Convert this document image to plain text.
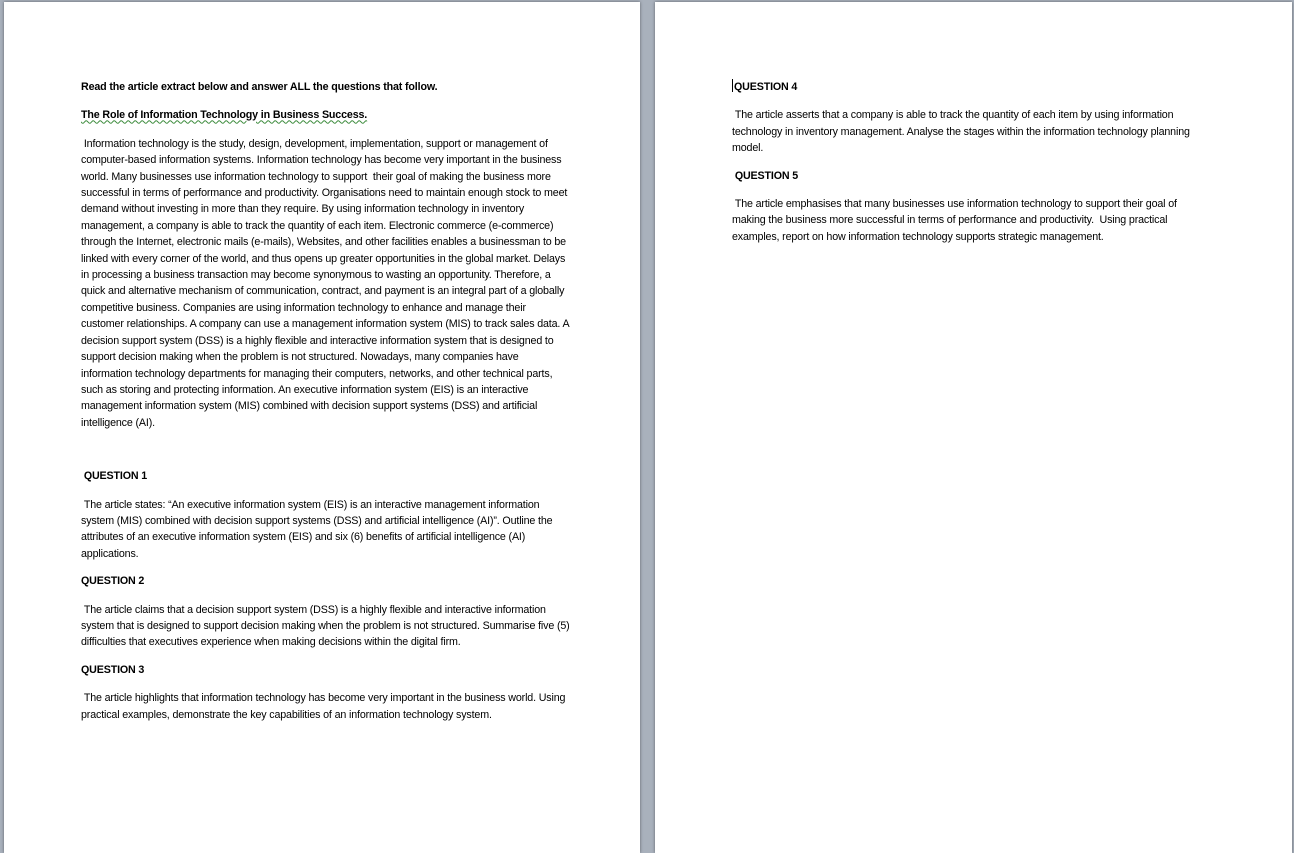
Read the article extract below and answer ALL the questions that follow.

The Role of Information Technology in Business Success.

Information technology is the study, design, development, implementation, support or management of computer-based information systems. Information technology has become very important in the business world. Many businesses use information technology to support  their goal of making the business more successful in terms of performance and productivity. Organisations need to maintain enough stock to meet demand without investing in more than they require. By using information technology in inventory management, a company is able to track the quantity of each item. Electronic commerce (e-commerce) through the Internet, electronic mails (e-mails), Websites, and other facilities enables a businessman to be linked with every corner of the world, and thus opens up greater opportunities in the global market. Delays in processing a business transaction may become synonymous to wasting an opportunity. Therefore, a quick and alternative mechanism of communication, contract, and payment is an integral part of a globally competitive business. Companies are using information technology to enhance and manage their customer relationships. A company can use a management information system (MIS) to track sales data. A decision support system (DSS) is a highly flexible and interactive information system that is designed to support decision making when the problem is not structured. Nowadays, many companies have information technology departments for managing their computers, networks, and other technical parts, such as storing and protecting information. An executive information system (EIS) is an interactive management information system (MIS) combined with decision support systems (DSS) and artificial intelligence (AI).

QUESTION 1

The article states: “An executive information system (EIS) is an interactive management information system (MIS) combined with decision support systems (DSS) and artificial intelligence (AI)”. Outline the attributes of an executive information system (EIS) and six (6) benefits of artificial intelligence (AI) applications.

QUESTION 2

The article claims that a decision support system (DSS) is a highly flexible and interactive information system that is designed to support decision making when the problem is not structured. Summarise five (5) difficulties that executives experience when making decisions within the digital firm.

QUESTION 3

The article highlights that information technology has become very important in the business world. Using practical examples, demonstrate the key capabilities of an information technology system.

QUESTION 4

The article asserts that a company is able to track the quantity of each item by using information technology in inventory management. Analyse the stages within the information technology planning model.

QUESTION 5

The article emphasises that many businesses use information technology to support their goal of making the business more successful in terms of performance and productivity.  Using practical examples, report on how information technology supports strategic management.
